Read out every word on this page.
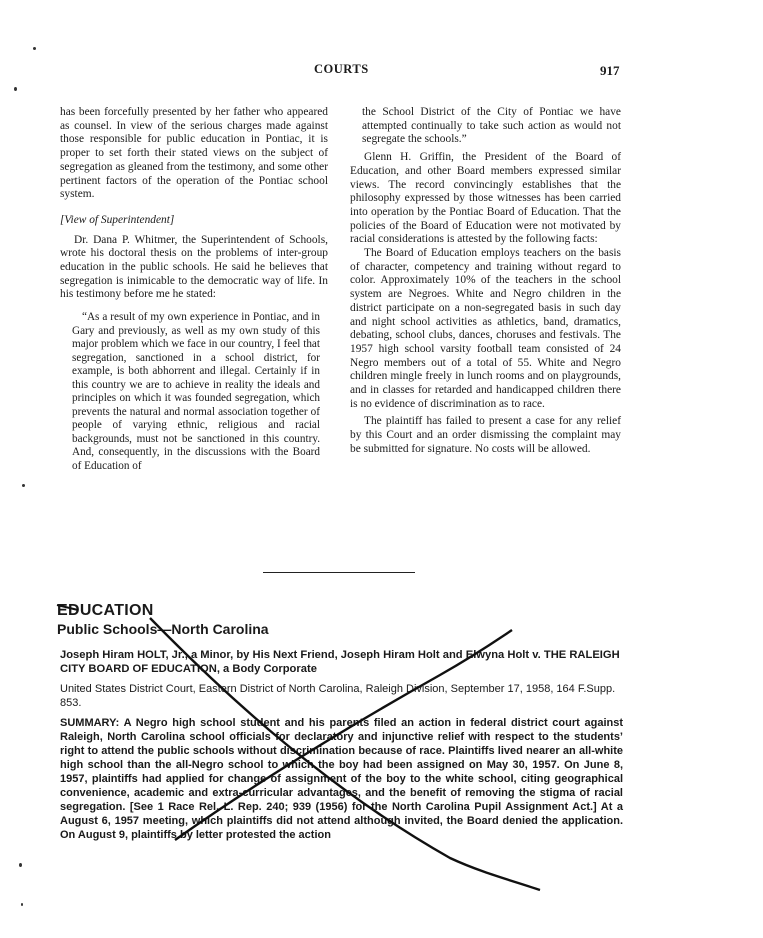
COURTS	917

has been forcefully presented by her father who appeared as counsel. In view of the serious charges made against those responsible for public education in Pontiac, it is proper to set forth their stated views on the subject of segregation as gleaned from the testimony, and some other pertinent factors of the operation of the Pontiac school system.

[View of Superintendent]

Dr. Dana P. Whitmer, the Superintendent of Schools, wrote his doctoral thesis on the problems of inter-group education in the public schools. He said he believes that segregation is inimicable to the democratic way of life. In his testimony before me he stated:

“As a result of my own experience in Pontiac, and in Gary and previously, as well as my own study of this major problem which we face in our country, I feel that segregation, sanctioned in a school district, for example, is both abhorrent and illegal. Certainly if in this country we are to achieve in reality the ideals and principles on which it was founded segregation, which prevents the natural and normal association together of people of varying ethnic, religious and racial backgrounds, must not be sanctioned in this country. And, consequently, in the discussions with the Board of Education of

the School District of the City of Pontiac we have attempted continually to take such action as would not segregate the schools.”

Glenn H. Griffin, the President of the Board of Education, and other Board members expressed similar views. The record convincingly establishes that the philosophy expressed by those witnesses has been carried into operation by the Pontiac Board of Education. That the policies of the Board of Education were not motivated by racial considerations is attested by the following facts:

The Board of Education employs teachers on the basis of character, competency and training without regard to color. Approximately 10% of the teachers in the school system are Negroes. White and Negro children in the district participate on a non-segregated basis in such day and night school activities as athletics, band, dramatics, debating, school clubs, dances, choruses and festivals. The 1957 high school varsity football team consisted of 24 Negro members out of a total of 55. White and Negro children mingle freely in lunch rooms and on playgrounds, and in classes for retarded and handicapped children there is no evidence of discrimination as to race.

The plaintiff has failed to present a case for any relief by this Court and an order dismissing the complaint may be submitted for signature. No costs will be allowed.

EDUCATION
Public Schools—North Carolina
Joseph Hiram HOLT, Jr., a Minor, by His Next Friend, Joseph Hiram Holt and Elwyna Holt v. THE RALEIGH CITY BOARD OF EDUCATION, a Body Corporate
United States District Court, Eastern District of North Carolina, Raleigh Division, September 17, 1958, 164 F.Supp. 853.
SUMMARY: A Negro high school student and his parents filed an action in federal district court against Raleigh, North Carolina school officials for declaratory and injunctive relief with respect to the students’ right to attend the public schools without discrimination because of race. Plaintiffs lived nearer an all-white high school than the all-Negro school to which the boy had been assigned on May 30, 1957. On June 8, 1957, plaintiffs had applied for change of assignment of the boy to the white school, citing geographical convenience, academic and extra-curricular advantages, and the benefit of removing the stigma of racial segregation. [See 1 Race Rel. L. Rep. 240; 939 (1956) for the North Carolina Pupil Assignment Act.] At a August 6, 1957 meeting, which plaintiffs did not attend although invited, the Board denied the application. On August 9, plaintiffs by letter protested the action
